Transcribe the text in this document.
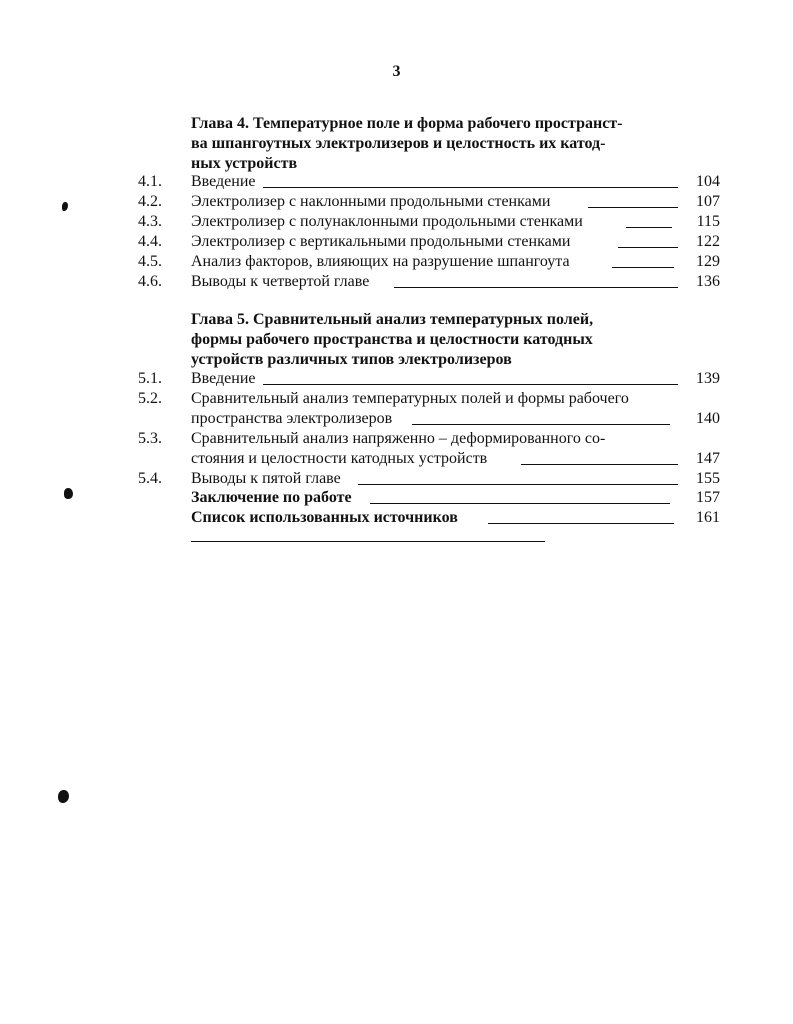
3
Глава 4. Температурное поле и форма рабочего пространст-
ва шпангоутных электролизеров и целостность их катод-
ных устройств
4.1. Введение	104
4.2. Электролизер с наклонными продольными стенками	107
4.3. Электролизер с полунаклонными продольными стенками	115
4.4. Электролизер с вертикальными продольными стенками	122
4.5. Анализ факторов, влияющих на разрушение шпангоута	129
4.6. Выводы к четвертой главе	136
Глава 5. Сравнительный анализ температурных полей,
формы рабочего пространства и целостности катодных
устройств различных типов электролизеров
5.1. Введение	139
5.2. Сравнительный анализ температурных полей и формы рабочего
пространства электролизеров	140
5.3. Сравнительный анализ напряженно – деформированного со-
стояния и целостности катодных устройств	147
5.4. Выводы к пятой главе	155
Заключение по работе	157
Список использованных источников	161
